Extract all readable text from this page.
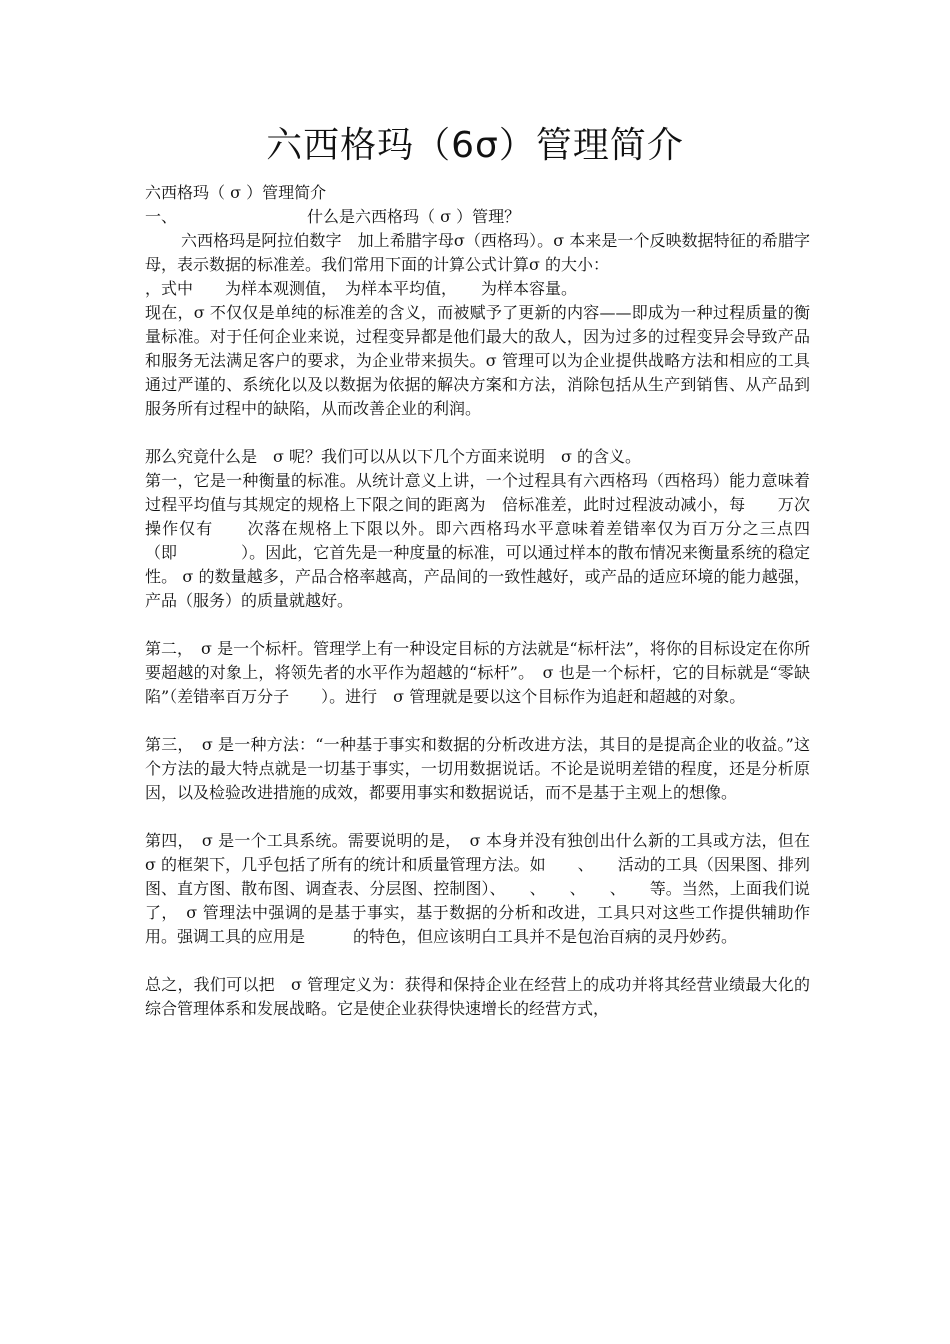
六西格玛（6σ）管理简介

六西格玛（ σ ）管理简介

一、	什么是六西格玛（ σ ）管理？

六西格玛是阿拉伯数字　加上希腊字母σ（西格玛）。σ 本来是一个反映数据特征的希腊字母，表示数据的标准差。我们常用下面的计算公式计算σ 的大小：

，式中　　为样本观测值，　为样本平均值，　　为样本容量。

现在，σ 不仅仅是单纯的标准差的含义，而被赋予了更新的内容——即成为一种过程质量的衡量标准。对于任何企业来说，过程变异都是他们最大的敌人，因为过多的过程变异会导致产品和服务无法满足客户的要求，为企业带来损失。σ 管理可以为企业提供战略方法和相应的工具通过严谨的、系统化以及以数据为依据的解决方案和方法，消除包括从生产到销售、从产品到服务所有过程中的缺陷，从而改善企业的利润。

那么究竟什么是　σ 呢？我们可以从以下几个方面来说明　σ 的含义。

第一，它是一种衡量的标准。从统计意义上讲，一个过程具有六西格玛（西格玛）能力意味着过程平均值与其规定的规格上下限之间的距离为　倍标准差，此时过程波动减小，每　　万次操作仅有　　次落在规格上下限以外。即六西格玛水平意味着差错率仅为百万分之三点四（即　　　　）。因此，它首先是一种度量的标准，可以通过样本的散布情况来衡量系统的稳定性。 σ 的数量越多，产品合格率越高，产品间的一致性越好，或产品的适应环境的能力越强，产品（服务）的质量就越好。

第二，　σ 是一个标杆。管理学上有一种设定目标的方法就是“标杆法”，将你的目标设定在你所要超越的对象上，将领先者的水平作为超越的“标杆”。　σ 也是一个标杆，它的目标就是“零缺陷”（差错率百万分子　　）。进行　σ 管理就是要以这个目标作为追赶和超越的对象。

第三，　σ 是一种方法：“一种基于事实和数据的分析改进方法，其目的是提高企业的收益。”这个方法的最大特点就是一切基于事实，一切用数据说话。不论是说明差错的程度，还是分析原因，以及检验改进措施的成效，都要用事实和数据说话，而不是基于主观上的想像。

第四，　σ 是一个工具系统。需要说明的是，　σ 本身并没有独创出什么新的工具或方法，但在　σ 的框架下，几乎包括了所有的统计和质量管理方法。如　　、　　活动的工具（因果图、排列图、直方图、散布图、调查表、分层图、控制图）、　　、　　、　　、　　等。当然，上面我们说了，　σ 管理法中强调的是基于事实，基于数据的分析和改进，工具只对这些工作提供辅助作用。强调工具的应用是　　　的特色，但应该明白工具并不是包治百病的灵丹妙药。

总之，我们可以把　σ 管理定义为：获得和保持企业在经营上的成功并将其经营业绩最大化的综合管理体系和发展战略。它是使企业获得快速增长的经营方式，
